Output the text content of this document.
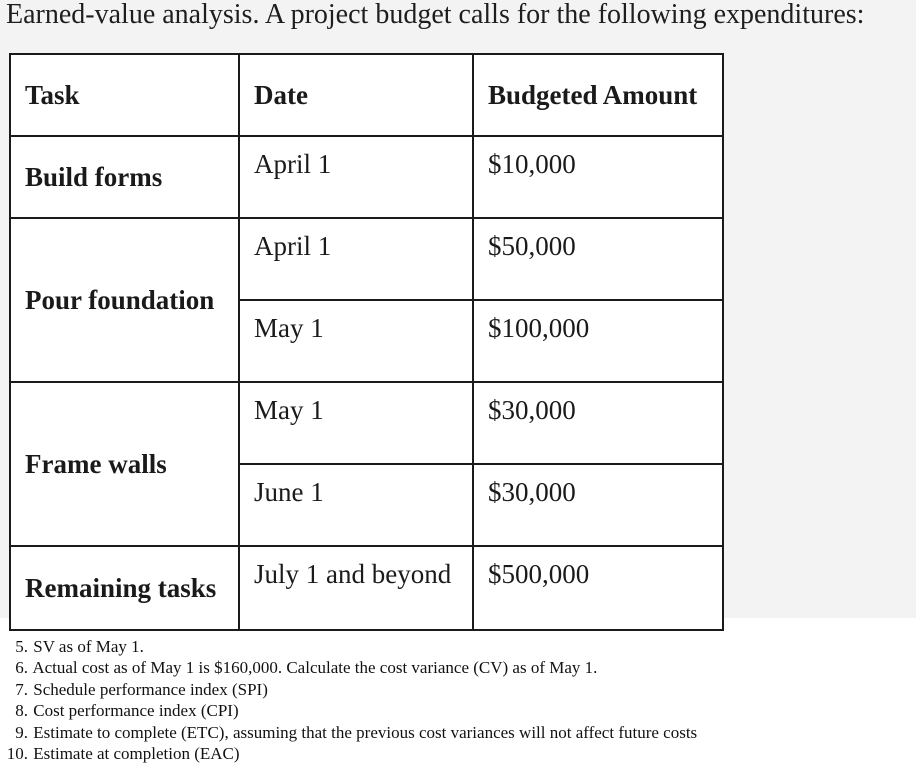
Earned-value analysis. A project budget calls for the following expenditures:
Task	Date	Budgeted Amount
Build forms	April 1	$10,000
Pour foundation	April 1	$50,000
	May 1	$100,000
Frame walls	May 1	$30,000
	June 1	$30,000
Remaining tasks	July 1 and beyond	$500,000
5. SV as of May 1.
6. Actual cost as of May 1 is $160,000. Calculate the cost variance (CV) as of May 1.
7. Schedule performance index (SPI)
8. Cost performance index (CPI)
9. Estimate to complete (ETC), assuming that the previous cost variances will not affect future costs
10. Estimate at completion (EAC)
